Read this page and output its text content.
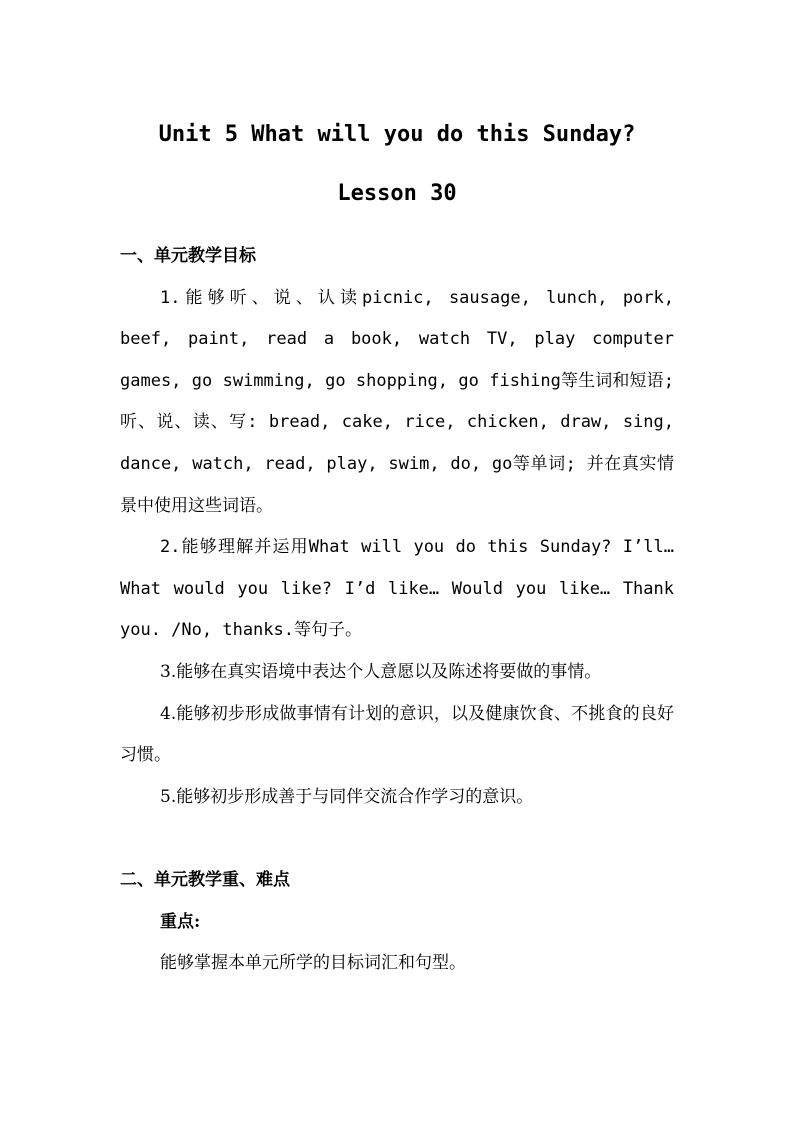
Unit 5 What will you do this Sunday?
Lesson 30
一、单元教学目标
1.能够听、说、认读picnic, sausage, lunch, pork, beef, paint, read a book, watch TV, play computer games, go swimming, go shopping, go fishing等生词和短语;听、说、读、写: bread, cake, rice, chicken, draw, sing, dance, watch, read, play, swim, do, go等单词; 并在真实情景中使用这些词语。
2.能够理解并运用What will you do this Sunday? I’ll… What would you like? I’d like… Would you like… Thank you. /No, thanks.等句子。
3.能够在真实语境中表达个人意愿以及陈述将要做的事情。
4.能够初步形成做事情有计划的意识，以及健康饮食、不挑食的良好习惯。
5.能够初步形成善于与同伴交流合作学习的意识。
二、单元教学重、难点
重点:
能够掌握本单元所学的目标词汇和句型。
